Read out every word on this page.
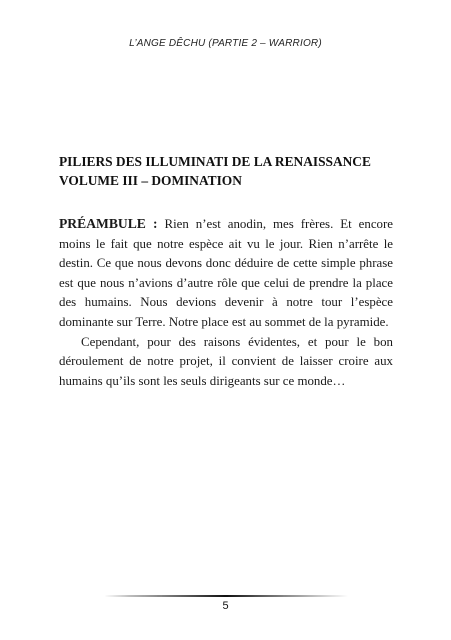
L’ANGE DÊCHU (PARTIE 2 – WARRIOR)
PILIERS DES ILLUMINATI DE LA RENAISSANCE
VOLUME III – DOMINATION

PRÉAMBULE : Rien n’est anodin, mes frères. Et encore moins le fait que notre espèce ait vu le jour. Rien n’arrête le destin. Ce que nous devons donc déduire de cette simple phrase est que nous n’avions d’autre rôle que celui de prendre la place des humains. Nous devions devenir à notre tour l’espèce dominante sur Terre. Notre place est au sommet de la pyramide.

Cependant, pour des raisons évidentes, et pour le bon déroulement de notre projet, il convient de laisser croire aux humains qu’ils sont les seuls dirigeants sur ce monde…

5
